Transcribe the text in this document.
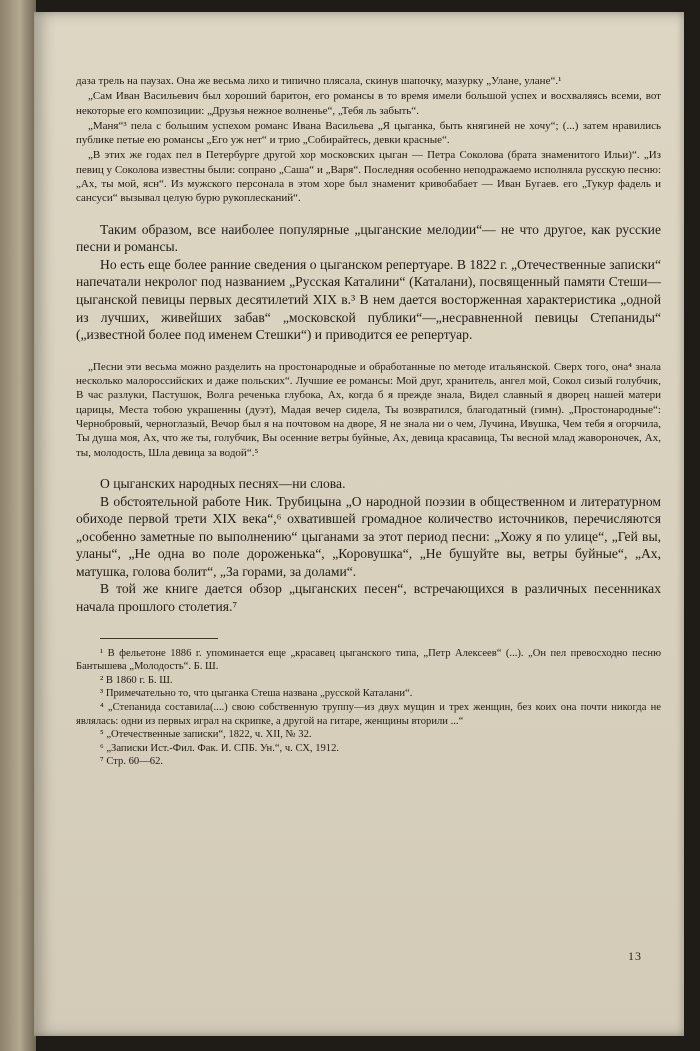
даза трель на паузах. Она же весьма лихо и типично плясала, скинув шапочку, мазурку „Улане, улане“.¹

„Сам Иван Васильевич был хороший баритон, его романсы в то время имели большой успех и восхваляясь всеми, вот некоторые его композиции: „Друзья нежное волненье“, „Тебя ль забыть“.

„Маня“³ пела с большим успехом романс Ивана Васильева „Я цыганка, быть княгиней не хочу“; (...) затем нравились публике петые ею романсы „Его уж нет“ и трио „Собирайтесь, девки красные“.

„В этих же годах пел в Петербурге другой хор московских цыган — Петра Соколова (брата знаменитого Ильи)“. „Из певиц у Соколова известны были: сопрано „Саша“ и „Варя“. Последняя особенно неподражаемо исполняла русскую песню: „Ах, ты мой, ясн“. Из мужского персонала в этом хоре был знаменит кривобабает — Иван Бугаев. его „Тукур фадель и сансуси“ вызывал целую бурю рукоплесканий“.

Таким образом, все наиболее популярные „цыганские мелодии“— не что другое, как русские песни и романсы.

Но есть еще более ранние сведения о цыганском репертуаре. В 1822 г. „Отечественные записки“ напечатали некролог под названием „Русская Каталини“ (Каталани), посвященный памяти Стеши—цыганской певицы первых десятилетий XIX в.³ В нем дается восторженная характеристика „одной из лучших, живейших забав“ „московской публики“—„несравненной певицы Степаниды“ („известной более под именем Стешки“) и приводится ее репертуар.

„Песни эти весьма можно разделить на простонародные и обработанные по методе итальянской. Сверх того, она⁴ знала несколько малороссийских и даже польских“. Лучшие ее романсы: Мой друг, хранитель, ангел мой, Сокол сизый голубчик, В час разлуки, Пастушок, Волга реченька глубока, Ах, когда б я прежде знала, Видел славный я дворец нашей матери царицы, Места тобою украшенны (дуэт), Мадая вечер сидела, Ты возвратился, благодатный (гимн). „Простонародные“: Чернобровый, черноглазый, Вечор был я на почтовом на дворе, Я не знала ни о чем, Лучина, Ивушка, Чем тебя я огорчила, Ты душа моя, Ах, что же ты, голубчик, Вы осенние ветры буйные, Ах, девица красавица, Ты весной млад жавороночек, Ах, ты, молодость, Шла девица за водой“.⁵

О цыганских народных песнях—ни слова.

В обстоятельной работе Ник. Трубицына „О народной поэзии в общественном и литературном обиходе первой трети XIX века“,⁶ охватившей громадное количество источников, перечисляются „особенно заметные по выполнению“ цыганами за этот период песни: „Хожу я по улице“, „Гей вы, уланы“, „Не одна во поле дороженька“, „Коровушка“, „Не бушуйте вы, ветры буйные“, „Ах, матушка, голова болит“, „За горами, за долами“.

В той же книге дается обзор „цыганских песен“, встречающихся в различных песенниках начала прошлого столетия.⁷

¹ В фельетоне 1886 г. упоминается еще „красавец цыганского типа, „Петр Алексеев“ (...). „Он пел превосходно песню Бантышева „Молодость“. Б. Ш.

² В 1860 г. Б. Ш.

³ Примечательно то, что цыганка Стеша названа „русской Каталани“.

⁴ „Степанида составила(....) свою собственную труппу—из двух мущин и трех женщин, без коих она почти никогда не являлась: одни из первых играл на скрипке, а другой на гитаре, женщины вторили ...“

⁵ „Отечественные записки“, 1822, ч. XII, № 32.

⁶ „Записки Ист.-Фил. Фак. И. СПБ. Ун.“, ч. СХ, 1912.

⁷ Стр. 60—62.

13
